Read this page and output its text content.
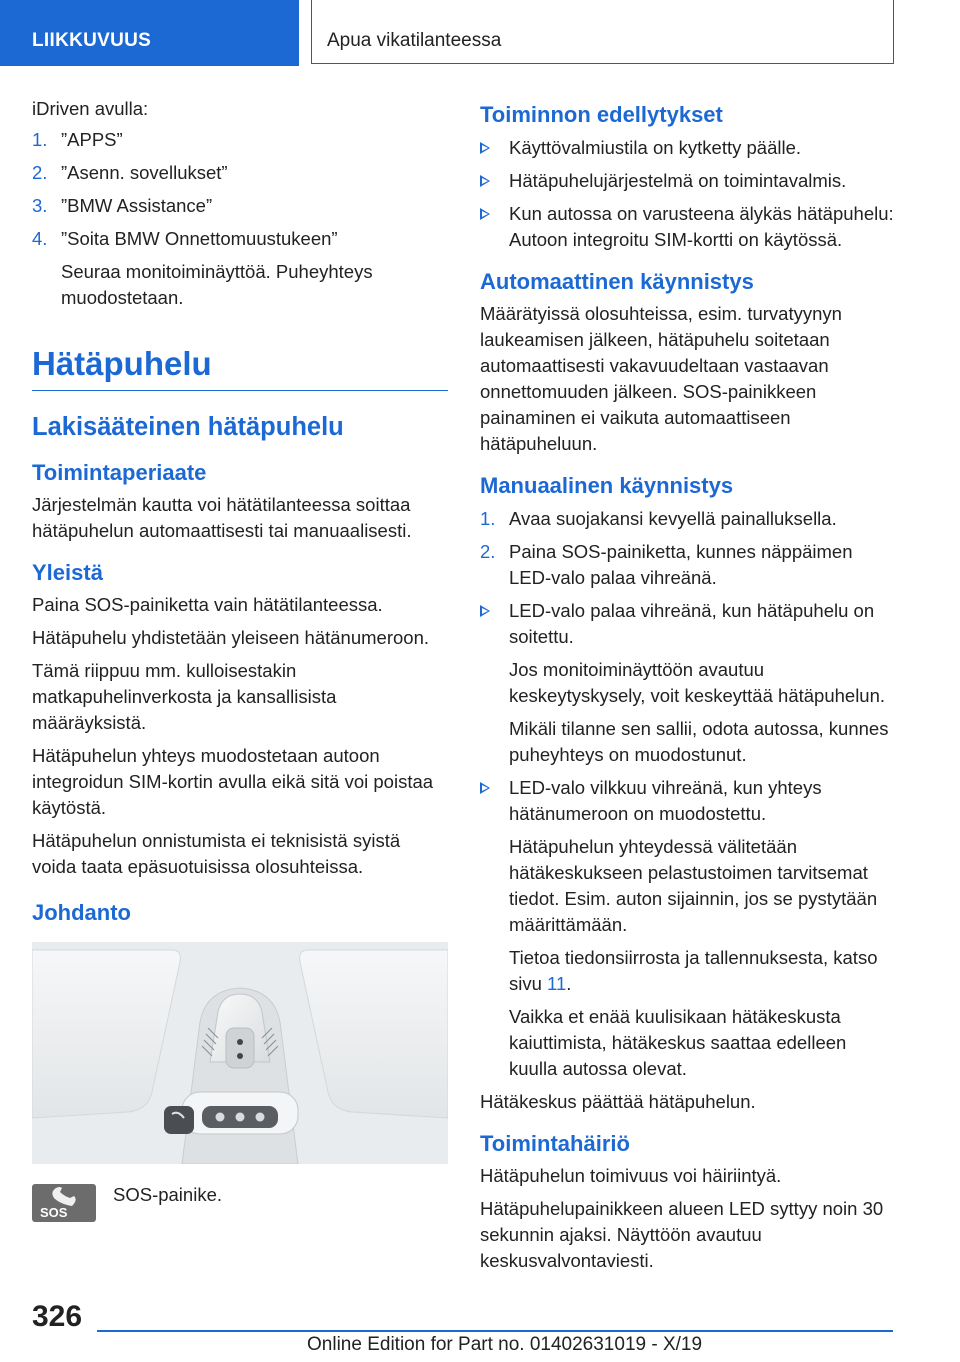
LIIKKUVUUS	Apua vikatilanteessa

iDriven avulla:

1. ”APPS”
2. ”Asenn. sovellukset”
3. ”BMW Assistance”
4. ”Soita BMW Onnettomuustukeen”

Seuraa monitoiminäyttöä. Puheyhteys muodostetaan.

Hätäpuhelu
Lakisääteinen hätäpuhelu
Toimintaperiaate

Järjestelmän kautta voi hätätilanteessa soittaa hätäpuhelun automaattisesti tai manuaalisesti.

Yleistä

Paina SOS-painiketta vain hätätilanteessa.

Hätäpuhelu yhdistetään yleiseen hätänumeroon.

Tämä riippuu mm. kulloisestakin matkapuhelinverkosta ja kansallisista määräyksistä.

Hätäpuhelun yhteys muodostetaan autoon integroidun SIM-kortin avulla eikä sitä voi poistaa käytöstä.

Hätäpuhelun onnistumista ei teknisistä syistä voida taata epäsuotuisissa olosuhteissa.

Johdanto
SOS

SOS-painike.

Toiminnon edellytykset
Käyttövalmiustila on kytketty päälle.
Hätäpuhelujärjestelmä on toimintavalmis.
Kun autossa on varusteena älykäs hätäpuhelu: Autoon integroitu SIM-kortti on käytössä.
Automaattinen käynnistys

Määrätyissä olosuhteissa, esim. turvatyynyn laukeamisen jälkeen, hätäpuhelu soitetaan automaattisesti vakavuudeltaan vastaavan onnettomuuden jälkeen. SOS-painikkeen painaminen ei vaikuta automaattiseen hätäpuheluun.

Manuaalinen käynnistys
1. Avaa suojakansi kevyellä painalluksella.
2. Paina SOS-painiketta, kunnes näppäimen LED-valo palaa vihreänä.
LED-valo palaa vihreänä, kun hätäpuhelu on soitettu.

Jos monitoiminäyttöön avautuu keskeytyskysely, voit keskeyttää hätäpuhelun.

Mikäli tilanne sen sallii, odota autossa, kunnes puheyhteys on muodostunut.

LED-valo vilkkuu vihreänä, kun yhteys hätänumeroon on muodostettu.

Hätäpuhelun yhteydessä välitetään hätäkeskukseen pelastustoimen tarvitsemat tiedot. Esim. auton sijainnin, jos se pystytään määrittämään.

Tietoa tiedonsiirrosta ja tallennuksesta, katso sivu 11.

Vaikka et enää kuulisikaan hätäkeskusta kaiuttimista, hätäkeskus saattaa edelleen kuulla autossa olevat.

Hätäkeskus päättää hätäpuhelun.

Toimintahäiriö

Hätäpuhelun toimivuus voi häiriintyä.

Hätäpuhelupainikkeen alueen LED syttyy noin 30 sekunnin ajaksi. Näyttöön avautuu keskusvalvontaviesti.

326
Online Edition for Part no. 01402631019 - X/19
